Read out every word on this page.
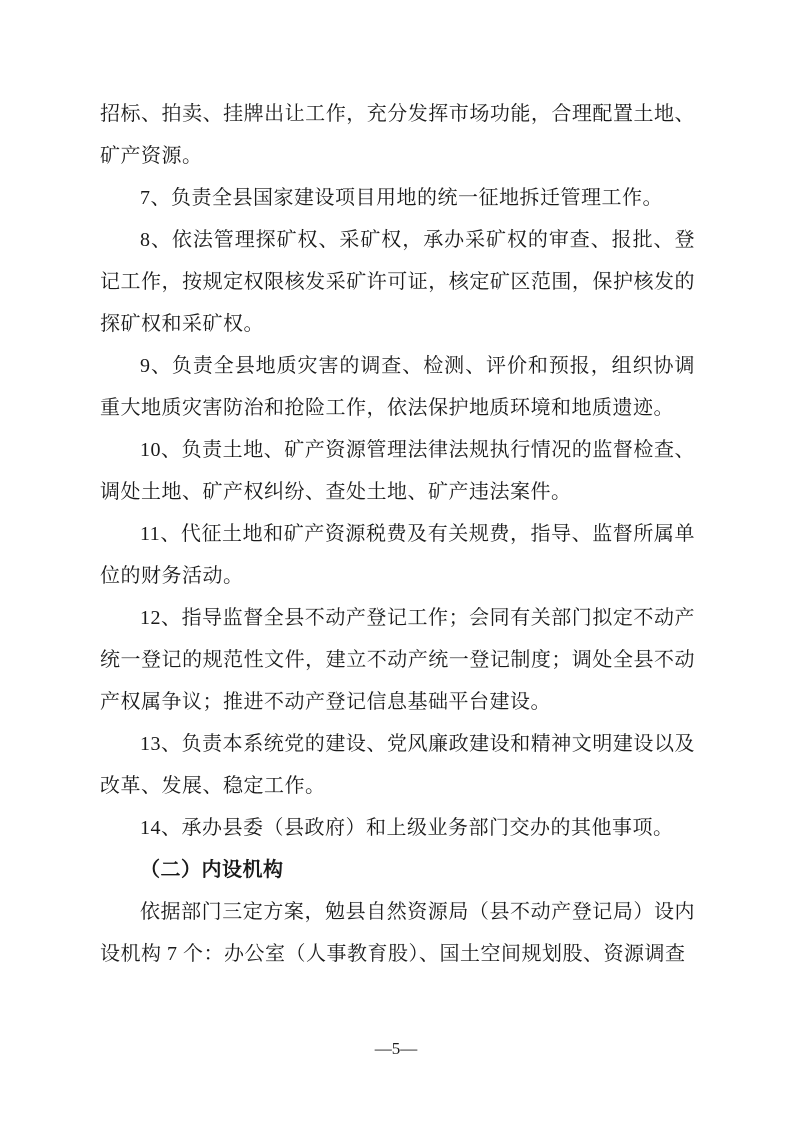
招标、拍卖、挂牌出让工作，充分发挥市场功能，合理配置土地、矿产资源。

7、负责全县国家建设项目用地的统一征地拆迁管理工作。

8、依法管理探矿权、采矿权，承办采矿权的审查、报批、登记工作，按规定权限核发采矿许可证，核定矿区范围，保护核发的探矿权和采矿权。

9、负责全县地质灾害的调查、检测、评价和预报，组织协调重大地质灾害防治和抢险工作，依法保护地质环境和地质遗迹。

10、负责土地、矿产资源管理法律法规执行情况的监督检查、调处土地、矿产权纠纷、查处土地、矿产违法案件。

11、代征土地和矿产资源税费及有关规费，指导、监督所属单位的财务活动。

12、指导监督全县不动产登记工作；会同有关部门拟定不动产统一登记的规范性文件，建立不动产统一登记制度；调处全县不动产权属争议；推进不动产登记信息基础平台建设。

13、负责本系统党的建设、党风廉政建设和精神文明建设以及改革、发展、稳定工作。

14、承办县委（县政府）和上级业务部门交办的其他事项。

（二）内设机构

依据部门三定方案，勉县自然资源局（县不动产登记局）设内设机构 7 个：办公室（人事教育股）、国土空间规划股、资源调查

—5—
